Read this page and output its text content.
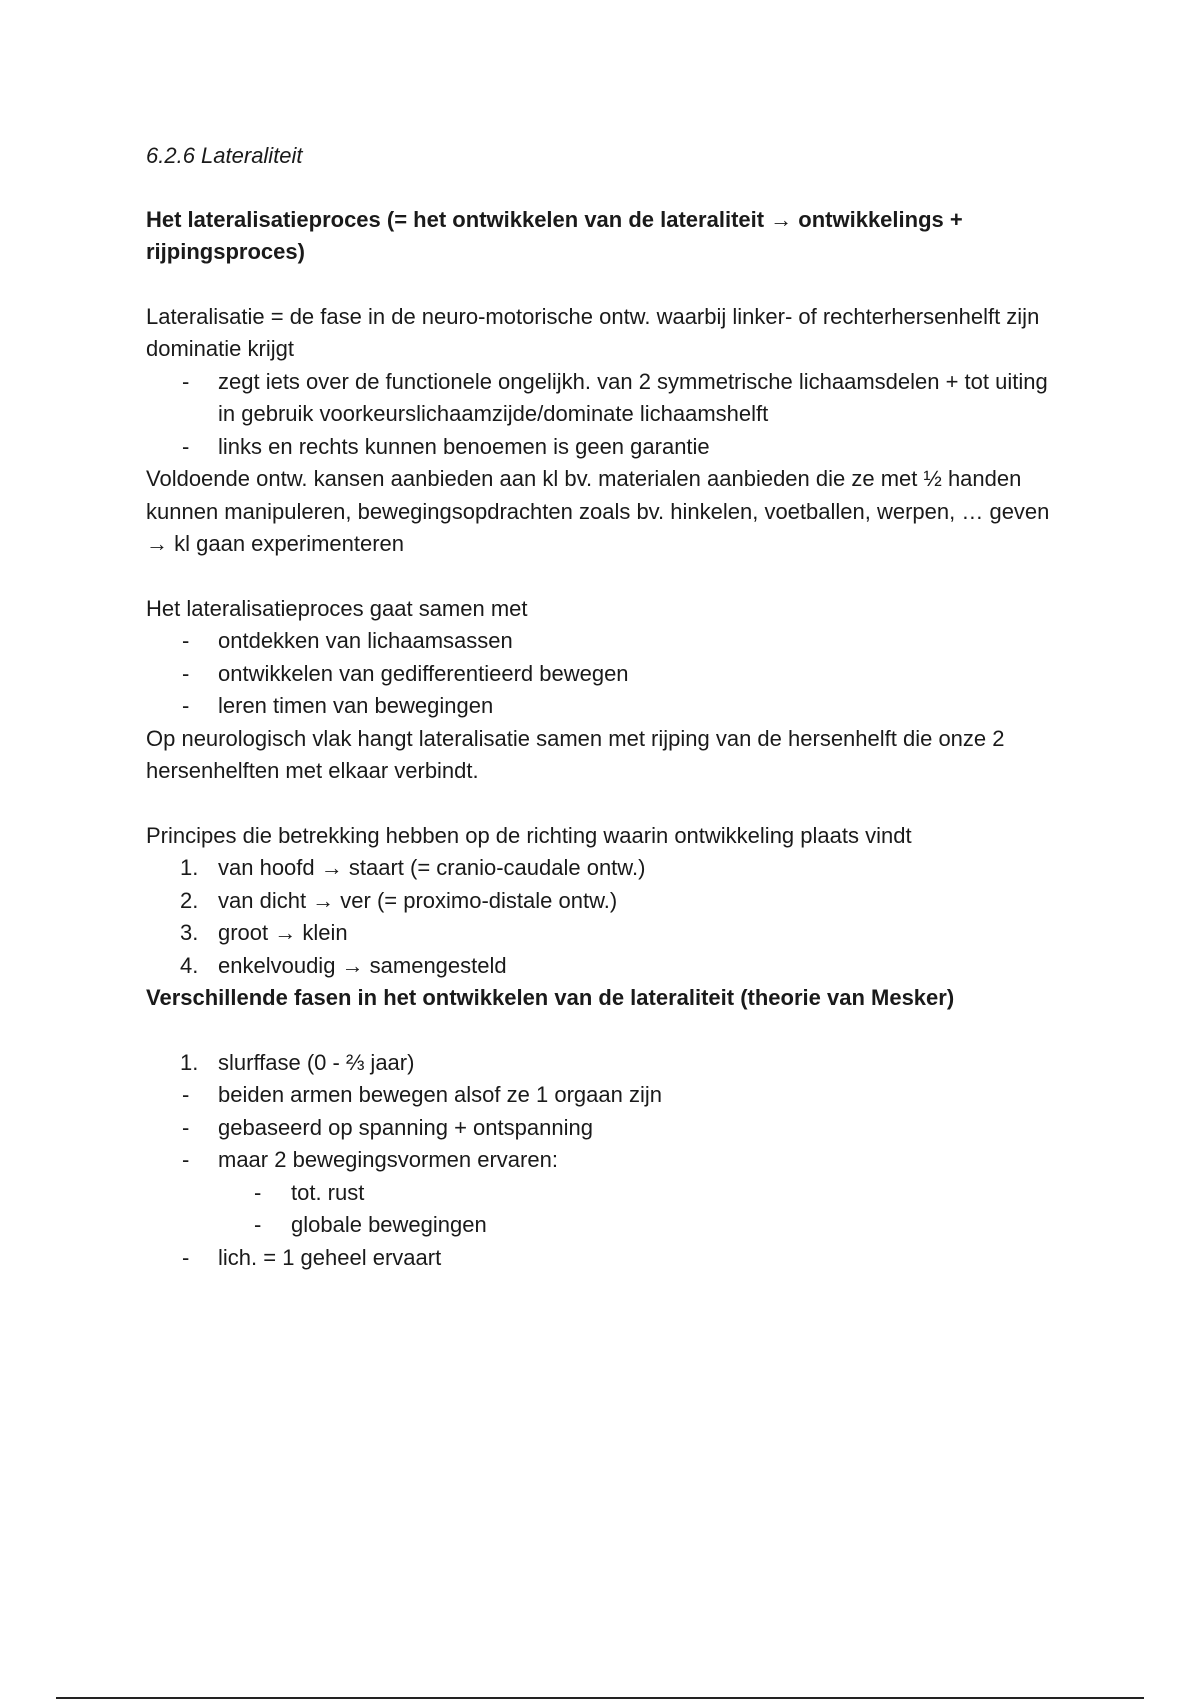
6.2.6 Lateraliteit

Het lateralisatieproces (= het ontwikkelen van de lateraliteit → ontwikkelings + rijpingsproces)

Lateralisatie = de fase in de neuro-motorische ontw. waarbij linker- of rechterhersenhelft zijn dominatie krijgt

- zegt iets over de functionele ongelijkh. van 2 symmetrische lichaamsdelen + tot uiting in gebruik voorkeurslichaamzijde/dominate lichaamshelft
- links en rechts kunnen benoemen is geen garantie

Voldoende ontw. kansen aanbieden aan kl bv. materialen aanbieden die ze met ½ handen kunnen manipuleren, bewegingsopdrachten zoals bv. hinkelen, voetballen, werpen, … geven → kl gaan experimenteren

Het lateralisatieproces gaat samen met

- ontdekken van lichaamsassen
- ontwikkelen van gedifferentieerd bewegen
- leren timen van bewegingen

Op neurologisch vlak hangt lateralisatie samen met rijping van de hersenhelft die onze 2 hersenhelften met elkaar verbindt.

Principes die betrekking hebben op de richting waarin ontwikkeling plaats vindt

1. van hoofd → staart (= cranio-caudale ontw.)
2. van dicht → ver (= proximo-distale ontw.)
3. groot → klein
4. enkelvoudig → samengesteld

Verschillende fasen in het ontwikkelen van de lateraliteit (theorie van Mesker)

1. slurffase (0 - ⅔ jaar)
- beiden armen bewegen alsof ze 1 orgaan zijn
- gebaseerd op spanning + ontspanning
- maar 2 bewegingsvormen ervaren:
- tot. rust
- globale bewegingen
- lich. = 1 geheel ervaart
